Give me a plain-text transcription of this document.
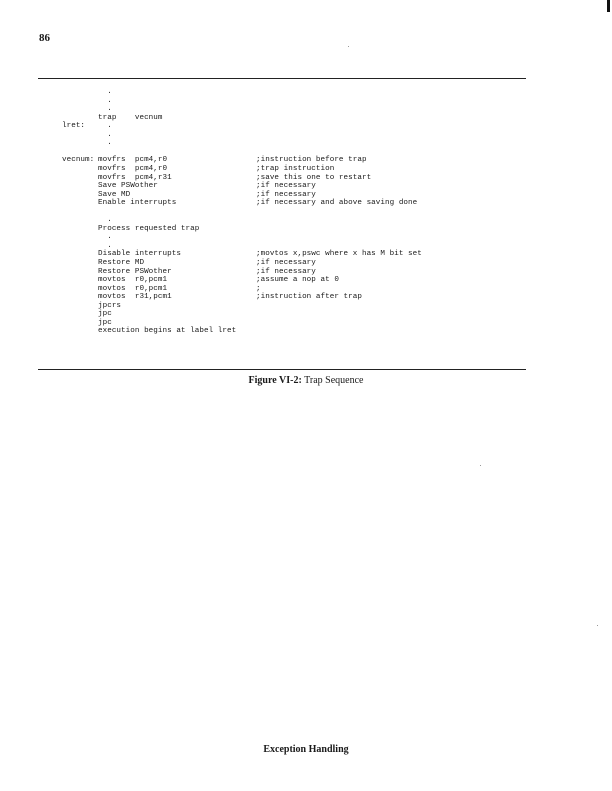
86
.
.
.
trap    vecnum
lret: .
.
.
vecnum: movfrs  pcm4,r0	;instruction before trap
movfrs  pcm4,r0	;trap instruction
movfrs  pcm4,r31	;save this one to restart
Save PSWother	;if necessary
Save MD	;if necessary
Enable interrupts	;if necessary and above saving done
.
Process requested trap
.
.
Disable interrupts	;movtos x,pswc where x has M bit set
Restore MD	;if necessary
Restore PSWother	;if necessary
movtos  r0,pcm1	;assume a nop at 0
movtos  r0,pcm1	;
movtos  r31,pcm1	;instruction after trap
jpcrs
jpc
jpc
execution begins at label lret
Figure VI-2: Trap Sequence
Exception Handling
